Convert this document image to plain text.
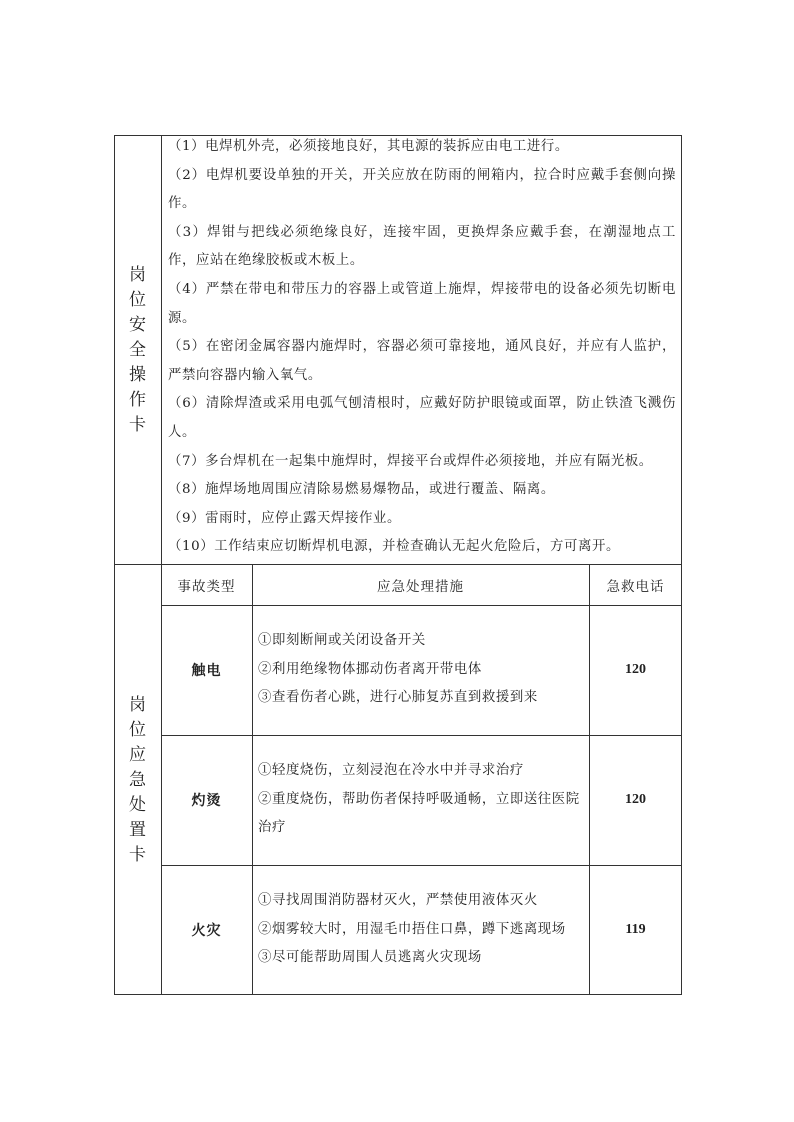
岗
位
安
全
操
作
卡
（1）电焊机外壳，必须接地良好，其电源的装拆应由电工进行。
（2）电焊机要设单独的开关，开关应放在防雨的闸箱内，拉合时应戴手套侧向操作。
（3）焊钳与把线必须绝缘良好，连接牢固，更换焊条应戴手套，在潮湿地点工作，应站在绝缘胶板或木板上。
（4）严禁在带电和带压力的容器上或管道上施焊，焊接带电的设备必须先切断电源。
（5）在密闭金属容器内施焊时，容器必须可靠接地，通风良好，并应有人监护，严禁向容器内输入氧气。
（6）清除焊渣或采用电弧气刨清根时，应戴好防护眼镜或面罩，防止铁渣飞溅伤人。
（7）多台焊机在一起集中施焊时，焊接平台或焊件必须接地，并应有隔光板。
（8）施焊场地周围应清除易燃易爆物品，或进行覆盖、隔离。
（9）雷雨时，应停止露天焊接作业。
（10）工作结束应切断焊机电源，并检查确认无起火危险后，方可离开。
岗
位
应
急
处
置
卡
事故类型	应急处理措施	急救电话
触电
①即刻断闸或关闭设备开关
②利用绝缘物体挪动伤者离开带电体
③查看伤者心跳，进行心肺复苏直到救援到来
120
灼烫
①轻度烧伤，立刻浸泡在冷水中并寻求治疗
②重度烧伤，帮助伤者保持呼吸通畅，立即送往医院治疗
120
火灾
①寻找周围消防器材灭火，严禁使用液体灭火
②烟雾较大时，用湿毛巾捂住口鼻，蹲下逃离现场
③尽可能帮助周围人员逃离火灾现场
119
